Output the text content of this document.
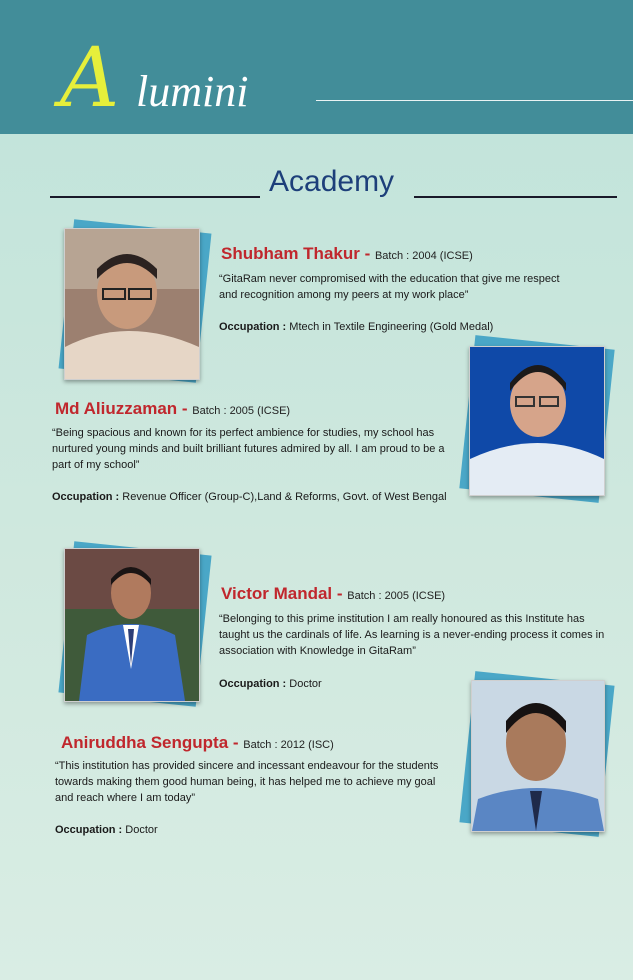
A lumini
Academy
Shubham Thakur - Batch : 2004 (ICSE)
“GitaRam never compromised with the education that give me respect and recognition among my peers at my work place”
Occupation : Mtech in Textile Engineering (Gold Medal)
Md Aliuzzaman - Batch : 2005 (ICSE)
“Being spacious and known for its perfect ambience for studies, my school has nurtured young minds and built brilliant futures admired by all. I am proud to be a part of my school”
Occupation : Revenue Officer (Group-C),Land & Reforms, Govt. of West Bengal
Victor Mandal - Batch : 2005 (ICSE)
“Belonging to this prime institution I am really honoured as this Institute has taught us the cardinals of life. As learning is a never-ending process it comes in association with Knowledge in GitaRam”
Occupation : Doctor
Aniruddha Sengupta - Batch : 2012 (ISC)
“This institution has provided sincere and incessant endeavour for the students towards making them good human being, it has helped me to achieve my goal and reach where I am today”
Occupation : Doctor
